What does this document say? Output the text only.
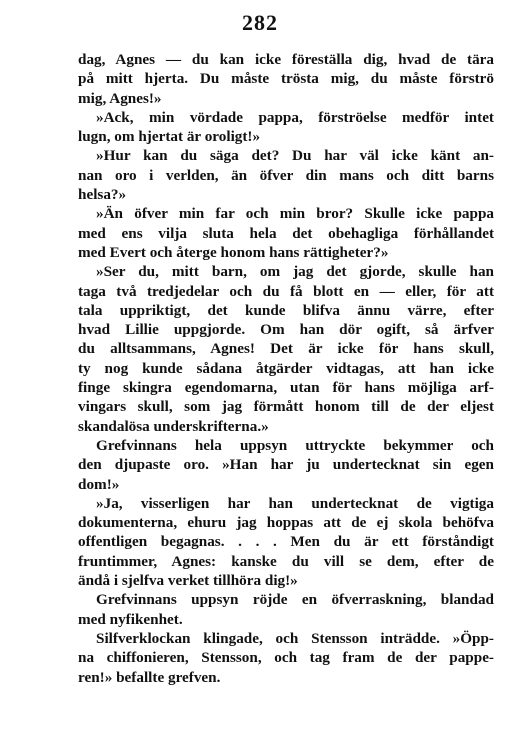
282
dag, Agnes — du kan icke föreställa dig, hvad de tära
på mitt hjerta. Du måste trösta mig, du måste förströ
mig, Agnes!»
»Ack, min vördade pappa, förströelse medför intet
lugn, om hjertat är oroligt!»
»Hur kan du säga det? Du har väl icke känt an-
nan oro i verlden, än öfver din mans och ditt barns
helsa?»
»Än öfver min far och min bror? Skulle icke pappa
med ens vilja sluta hela det obehagliga förhållandet
med Evert och återge honom hans rättigheter?»
»Ser du, mitt barn, om jag det gjorde, skulle han
taga två tredjedelar och du få blott en — eller, för att
tala uppriktigt, det kunde blifva ännu värre, efter
hvad Lillie uppgjorde. Om han dör ogift, så ärfver
du alltsammans, Agnes! Det är icke för hans skull,
ty nog kunde sådana åtgärder vidtagas, att han icke
finge skingra egendomarna, utan för hans möjliga arf-
vingars skull, som jag förmått honom till de der eljest
skandalösa underskrifterna.»
Grefvinnans hela uppsyn uttryckte bekymmer och
den djupaste oro. »Han har ju undertecknat sin egen
dom!»
»Ja, visserligen har han undertecknat de vigtiga
dokumenterna, ehuru jag hoppas att de ej skola behöfva
offentligen begagnas. . . . Men du är ett förståndigt
fruntimmer, Agnes: kanske du vill se dem, efter de
ändå i sjelfva verket tillhöra dig!»
Grefvinnans uppsyn röjde en öfverraskning, blandad
med nyfikenhet.
Silfverklockan klingade, och Stensson inträdde. »Öpp-
na chiffonieren, Stensson, och tag fram de der pappe-
ren!» befallte grefven.
